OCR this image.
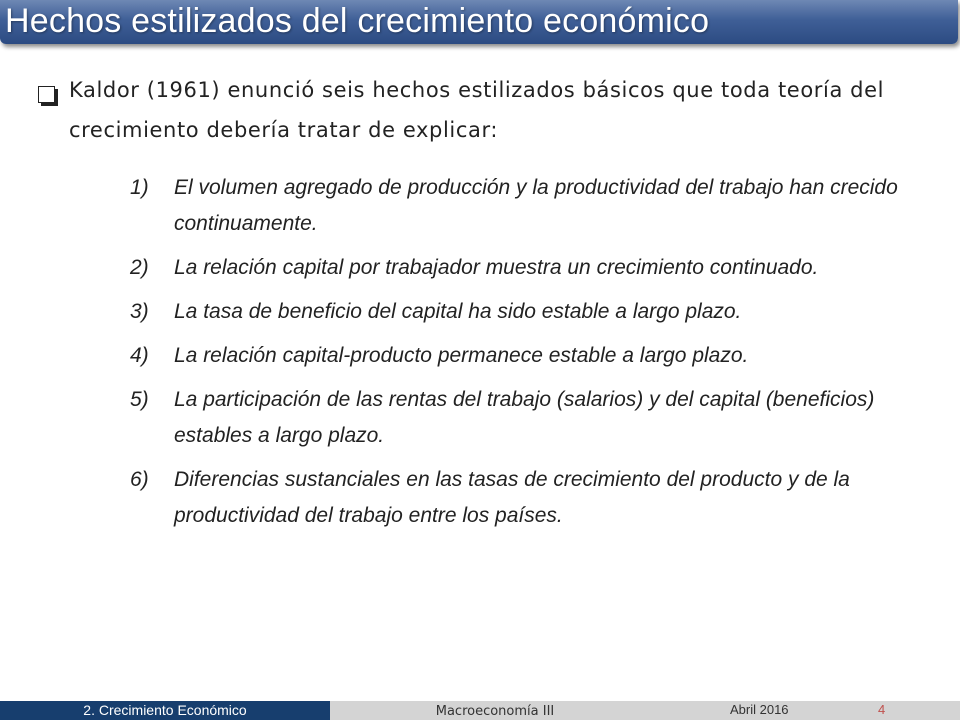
Hechos estilizados del crecimiento económico
Kaldor (1961) enunció seis hechos estilizados básicos que toda teoría del crecimiento debería tratar de explicar:
1)	El volumen agregado de producción y la productividad del trabajo han crecido continuamente.
2)	La relación capital por trabajador muestra un crecimiento continuado.
3)	La tasa de beneficio del capital ha sido estable a largo plazo.
4)	La relación capital-producto permanece estable a largo plazo.
5)	La participación de las rentas del trabajo (salarios) y del capital (beneficios) estables a largo plazo.
6)	Diferencias sustanciales en las tasas de crecimiento del producto y de la productividad del trabajo entre los países.
2. Crecimiento Económico	Macroeconomía III	Abril 2016	4
